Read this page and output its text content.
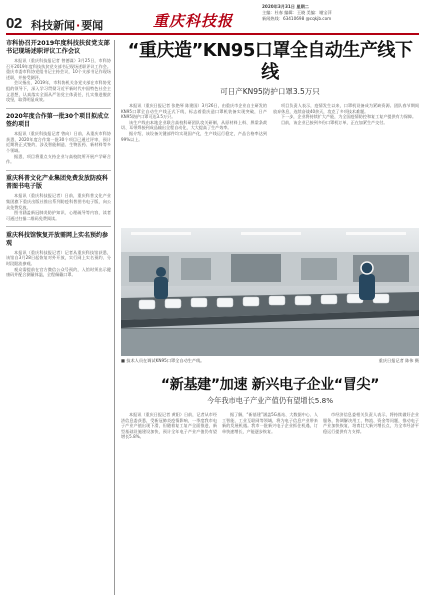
02 科技新闻·要闻	重庆科技报
2020年3月31日 星期二
主编：杜春 编辑：王晓 美编：谢宝萍
新闻热线：63410698 @cqkjb.com
市科协召开2019年度科技扶贫党支部书记现场述职评议工作会议
本报讯（重庆科技报记者 曾德谋）3月25日，市科协召开2019年度科技扶贫党支部书记现场述职评议工作会。重庆市委市科协党组书记主持会议，10个支部书记作现场述职，并接受测评。
会议指出，2019年，市科协机关各党支部在市科协党组的领导下，深入学习贯彻习近平新时代中国特色社会主义思想，认真落实全面从严治党主体责任，扎实推进脱贫攻坚，取得明显成效。
2020年度合作第一批30个项目拟成立签约项目
本报讯（重庆科技报记者 曾向）日前，从重庆市科协获悉，2020年度合作第一批30个项目已通过评审，预计近期将正式签约，涉及智能制造、生物医药、新材料等多个领域。
据悉，项目将重点支持企业与高校院所开展产学研合作。
重庆科普文化产业集团免费发放防疫科普图书电子版
本报讯（重庆科技报记者）日前，重庆科普文化产业集团旗下重庆出版社推出系列防疫科普图书电子版，向公众免费发放。
图书涵盖新冠肺炎防护知识、心理疏导等内容，读者可通过扫描二维码免费阅读。
重庆科技馆恢复开放需网上实名预约参观
本报讯（重庆科技报记者）记者从重庆科技馆获悉，该馆自3月28日起恢复对外开放，实行网上实名预约、分时段限流参观。
观众需提前在官方微信公众号预约，入馆时须出示健康码并配合测量体温，全程佩戴口罩。
“重庆造”KN95口罩全自动生产线下线
可日产KN95防护口罩3.5万只

本报讯（重庆日报记者 张艳琴 陈建国）3月26日，由重庆市企业自主研发的KN95口罩全自动生产线正式下线，标志着重庆造口罩机装备实现突破，日产KN95防护口罩可达3.5万只。

该生产线由本地企业联合高校科研团队攻关研制，从原材料上料、鼻梁条裁切、耳带焊接到成品输出全程自动化，大大提高了生产效率。

据介绍，该设备关键部件均实现国产化，生产线运行稳定，产品合格率达到99%以上。

项目负责人表示，疫情发生以来，口罩机设备成为紧缺资源。团队春节期间放弃休息，连续奋战40余天，攻克了多项技术难题。

下一步，企业将持续扩大产能，为全国疫情防控和复工复产提供有力保障。

目前，该企业已接到多份口罩机订单，正在加紧生产交付。

■ 技术人员在调试KN95口罩全自动生产线。	重庆日报记者 陈伟 摄
“新基建”加速 新兴电子企业“冒尖”
今年我市电子产业产值仍有望增长5.8%

本报讯（重庆日报记者 黄阳）日前，记者从市经济信息委获悉，受新冠肺炎疫情影响，一季度我市电子产业产值出现下滑，但随着复工复产全面推进，新型基础设施建设加快，预计全年电子产业产值仍有望增长5.8%。

据了解，“新基建”涵盖5G基站、大数据中心、人工智能、工业互联网等领域，将为电子信息产业带来新的发展机遇。我市一批新兴电子企业抓住机遇，订单快速增长，产能逐步恢复。

市经济信息委相关负责人表示，将持续做好企业服务，协调解决用工、物流、资金等问题，推动电子产业加快恢复，培育壮大新兴增长点，为全市经济平稳运行提供有力支撑。
